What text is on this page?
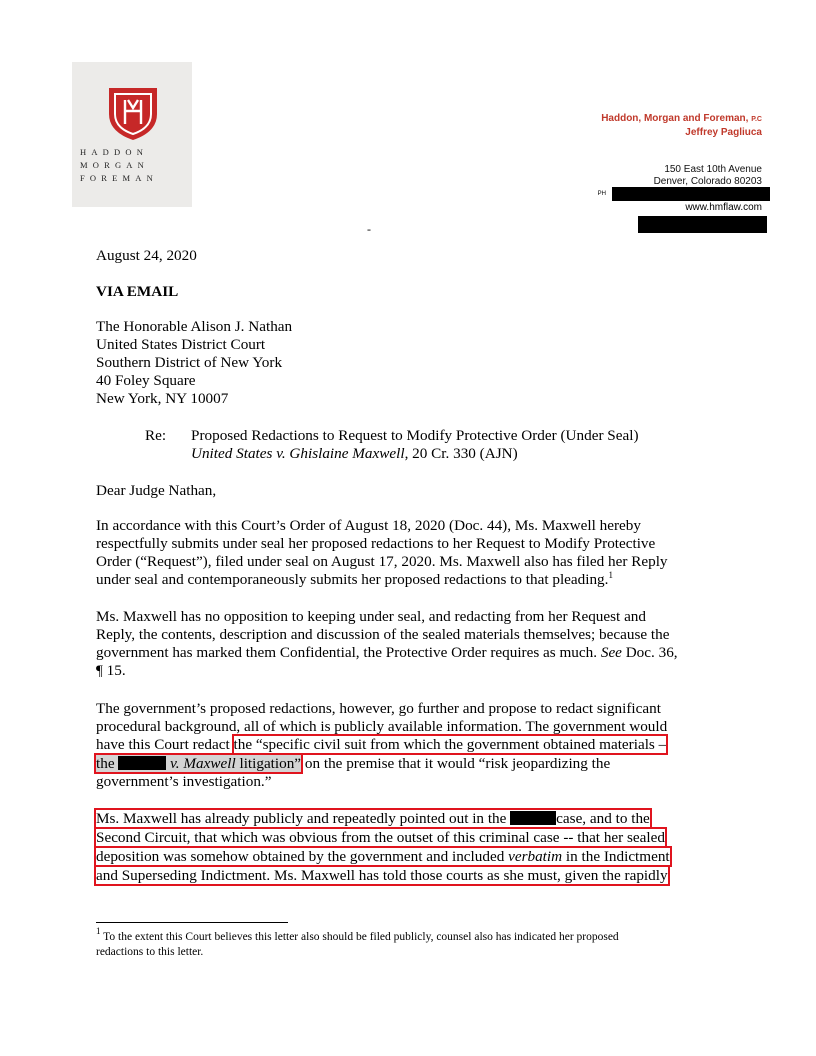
HADDON
MORGAN
FOREMAN
Haddon, Morgan and Foreman, P.C
Jeffrey Pagliuca
150 East 10th Avenue
Denver, Colorado 80203
PH
www.hmflaw.com
-
August 24, 2020
VIA EMAIL
The Honorable Alison J. Nathan
United States District Court
Southern District of New York
40 Foley Square
New York, NY 10007
Re: Proposed Redactions to Request to Modify Protective Order (Under Seal)
United States v. Ghislaine Maxwell, 20 Cr. 330 (AJN)
Dear Judge Nathan,
In accordance with this Court’s Order of August 18, 2020 (Doc. 44), Ms. Maxwell hereby
respectfully submits under seal her proposed redactions to her Request to Modify Protective
Order (“Request”), filed under seal on August 17, 2020. Ms. Maxwell also has filed her Reply
under seal and contemporaneously submits her proposed redactions to that pleading.$^1$
Ms. Maxwell has no opposition to keeping under seal, and redacting from her Request and
Reply, the contents, description and discussion of the sealed materials themselves; because the
government has marked them Confidential, the Protective Order requires as much. See Doc. 36,
¶ 15.
The government’s proposed redactions, however, go further and propose to redact significant
procedural background, all of which is publicly available information. The government would
have this Court redact the “specific civil suit from which the government obtained materials –
the	v. Maxwell litigation” on the premise that it would “risk jeopardizing the
government’s investigation.”
Ms. Maxwell has already publicly and repeatedly pointed out in the	case, and to the
Second Circuit, that which was obvious from the outset of this criminal case -- that her sealed
deposition was somehow obtained by the government and included verbatim in the Indictment
and Superseding Indictment. Ms. Maxwell has told those courts as she must, given the rapidly
$^1$ To the extent this Court believes this letter also should be filed publicly, counsel also has indicated her proposed
redactions to this letter.
